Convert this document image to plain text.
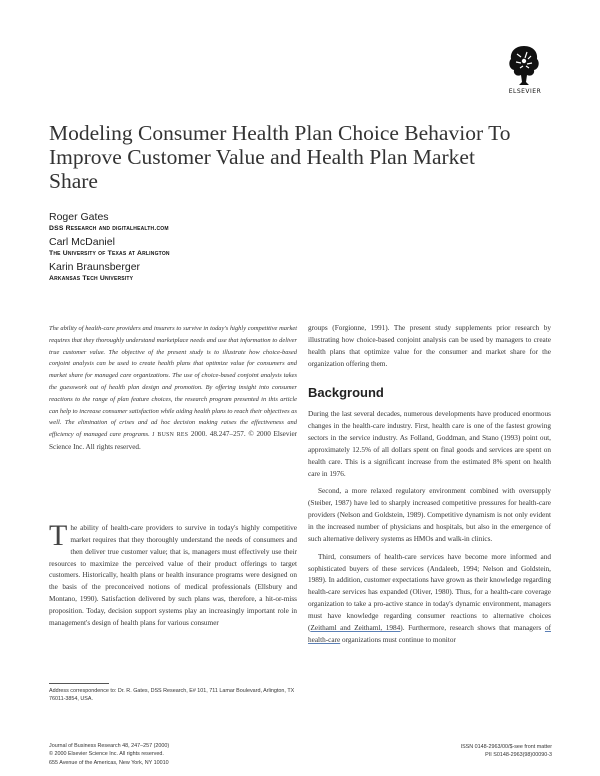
ELSEVIER
Modeling Consumer Health Plan Choice Behavior To Improve Customer Value and Health Plan Market Share
Roger Gates
DSS Research and digitalhealth.com
Carl McDaniel
The University of Texas at Arlington
Karin Braunsberger
Arkansas Tech University

The ability of health-care providers and insurers to survive in today's highly competitive market requires that they thoroughly understand marketplace needs and use that information to deliver true customer value. The objective of the present study is to illustrate how choice-based conjoint analysis can be used to create health plans that optimize value for consumers and market share for managed care organizations. The use of choice-based conjoint analysis takes the guesswork out of health plan design and promotion. By offering insight into consumer reactions to the range of plan feature choices, the research program presented in this article can help to increase consumer satisfaction while aiding health plans to reach their objectives as well. The elimination of crises and ad hoc decision making raises the effectiveness and efficiency of managed care programs. J BUSN RES 2000. 48.247–257. © 2000 Elsevier Science Inc. All rights reserved.

The ability of health-care providers to survive in today's highly competitive market requires that they thoroughly understand the needs of consumers and then deliver true customer value; that is, managers must effectively use their resources to maximize the perceived value of their product offerings to target customers. Historically, health plans or health insurance programs were designed on the basis of the preconceived notions of medical professionals (Ellsbury and Montano, 1990). Satisfaction delivered by such plans was, therefore, a hit-or-miss proposition. Today, decision support systems play an increasingly important role in management's design of health plans for various consumer

groups (Forgionne, 1991). The present study supplements prior research by illustrating how choice-based conjoint analysis can be used by managers to create health plans that optimize value for the consumer and market share for the organization offering them.

Background

During the last several decades, numerous developments have produced enormous changes in the health-care industry. First, health care is one of the fastest growing sectors in the service industry. As Folland, Goddman, and Stano (1993) point out, approximately 12.5% of all dollars spent on final goods and services are spent on health care. This is a significant increase from the estimated 8% spent on health care in 1976.

Second, a more relaxed regulatory environment combined with oversupply (Steiber, 1987) have led to sharply increased competitive pressures for health-care providers (Nelson and Goldstein, 1989). Competitive dynamism is not only evident in the increased number of physicians and hospitals, but also in the emergence of such alternative delivery systems as HMOs and walk-in clinics.

Third, consumers of health-care services have become more informed and sophisticated buyers of these services (Andaleeb, 1994; Nelson and Goldstein, 1989). In addition, customer expectations have grown as their knowledge regarding health-care services has expanded (Oliver, 1980). Thus, for a health-care coverage organization to take a pro-active stance in today's dynamic environment, managers must have knowledge regarding consumer reactions to alternative choices (Zeithaml and Zeithaml, 1984). Furthermore, research shows that managers of health-care organizations must continue to monitor

Address correspondence to: Dr. R. Gates, DSS Research, E# 101, 711 Lamar Boulevard, Arlington, TX 76011-3854, USA.
Journal of Business Research 48, 247–257 (2000)
© 2000 Elsevier Science Inc. All rights reserved.
655 Avenue of the Americas, New York, NY 10010
ISSN 0148-2963/00/$-see front matter
PII S0148-2963(98)00090-3
